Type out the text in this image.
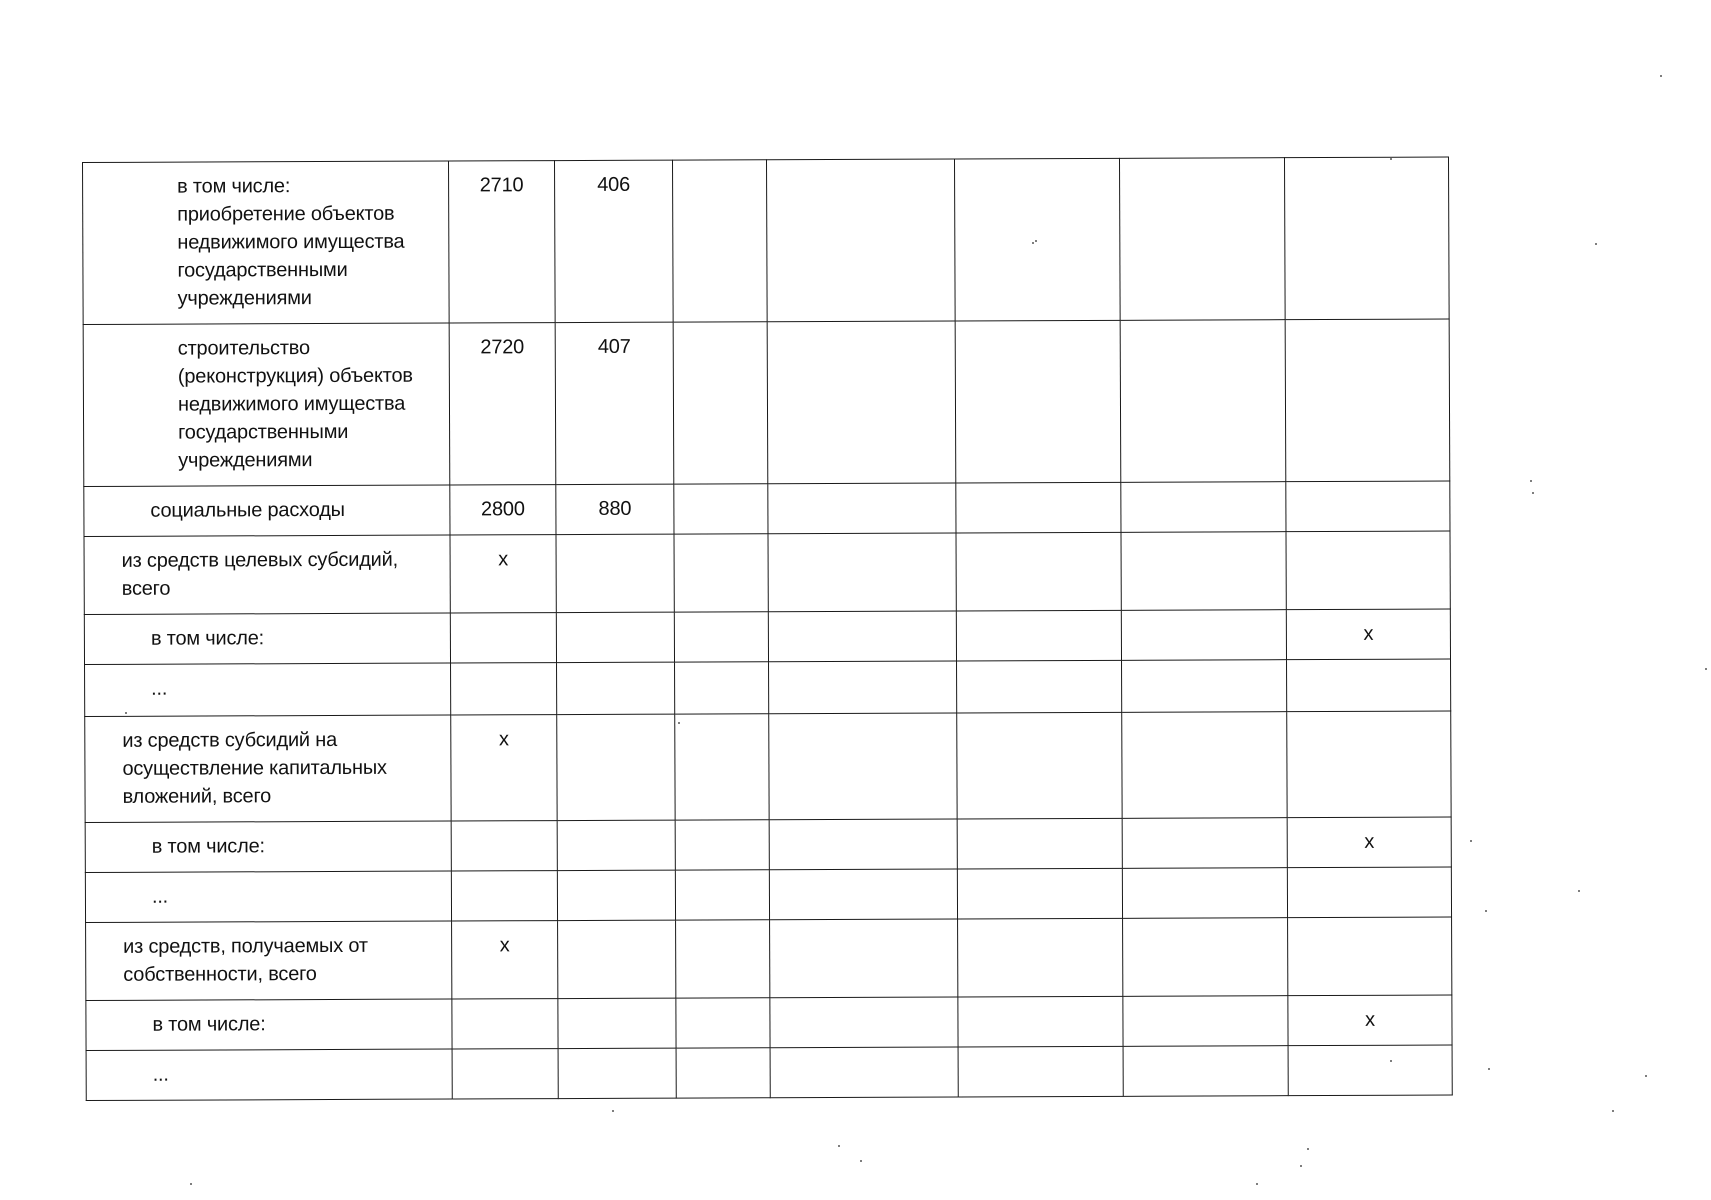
в том числе:
приобретение объектов
недвижимого имущества
государственными
учреждениями	2710	406					

строительство
(реконструкция) объектов
недвижимого имущества
государственными
учреждениями	2720	407					
социальные расходы	2800	880					

из средств целевых субсидий,
всего	х						
в том числе:							х
...							

из средств субсидий на
осуществление капитальных
вложений, всего	х						
в том числе:							х
...							

из средств, получаемых от
собственности, всего	х						
в том числе:							х
...							
